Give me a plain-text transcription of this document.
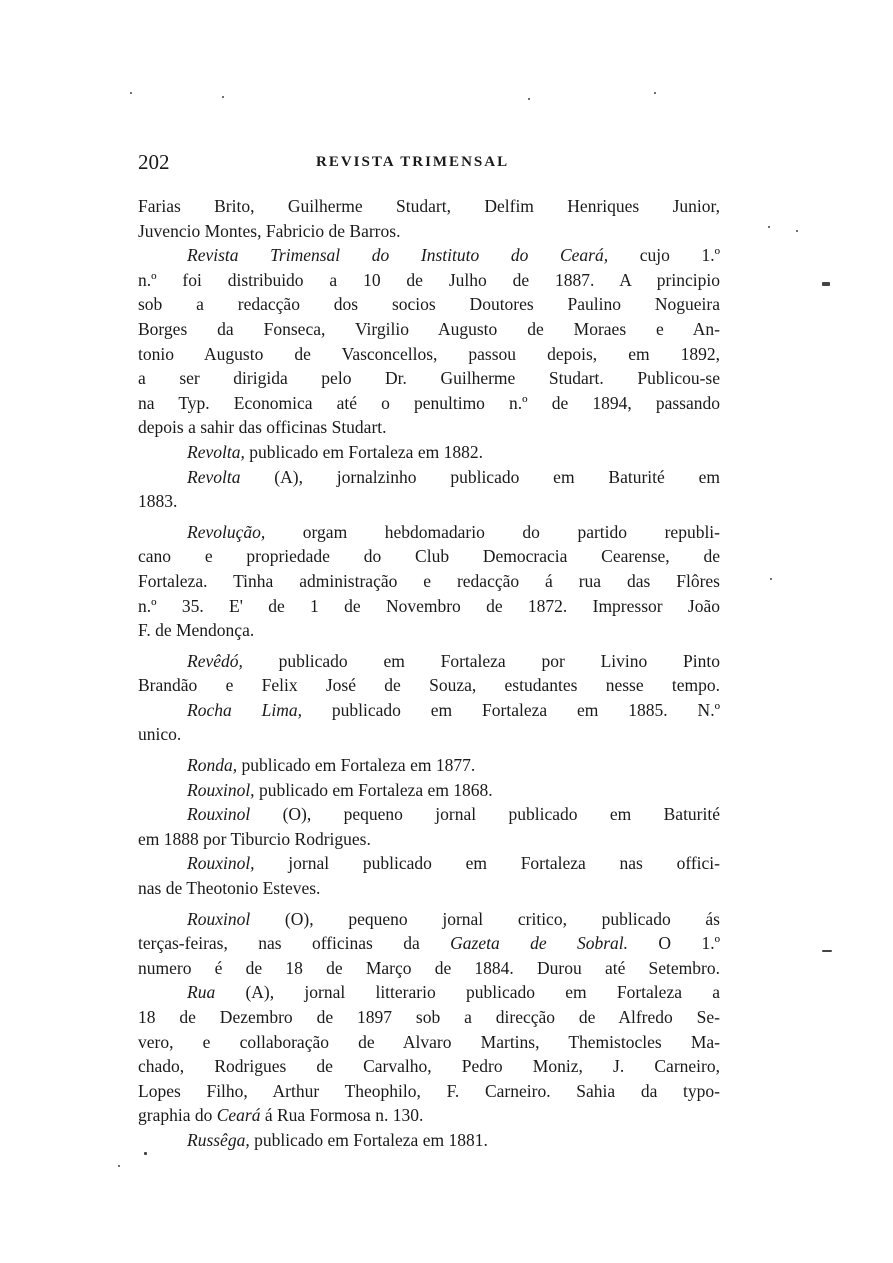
202	REVISTA TRIMENSAL
Farias Brito, Guilherme Studart, Delfim Henriques Junior,
Juvencio Montes, Fabricio de Barros.
Revista Trimensal do Instituto do Ceará, cujo 1.º
n.º foi distribuido a 10 de Julho de 1887. A principio
sob a redacção dos socios Doutores Paulino Nogueira
Borges da Fonseca, Virgilio Augusto de Moraes e An-
tonio Augusto de Vasconcellos, passou depois, em 1892,
a ser dirigida pelo Dr. Guilherme Studart. Publicou-se
na Typ. Economica até o penultimo n.º de 1894, passando
depois a sahir das officinas Studart.
Revolta, publicado em Fortaleza em 1882.
Revolta (A), jornalzinho publicado em Baturité em
1883.
Revolução, orgam hebdomadario do partido republi-
cano e propriedade do Club Democracia Cearense, de
Fortaleza. Tinha administração e redacção á rua das Flôres
n.º 35. E' de 1 de Novembro de 1872. Impressor João
F. de Mendonça.
Revêdó, publicado em Fortaleza por Livino Pinto
Brandão e Felix José de Souza, estudantes nesse tempo.
Rocha Lima, publicado em Fortaleza em 1885. N.º
unico.
Ronda, publicado em Fortaleza em 1877.
Rouxinol, publicado em Fortaleza em 1868.
Rouxinol (O), pequeno jornal publicado em Baturité
em 1888 por Tiburcio Rodrigues.
Rouxinol, jornal publicado em Fortaleza nas offici-
nas de Theotonio Esteves.
Rouxinol (O), pequeno jornal critico, publicado ás
terças-feiras, nas officinas da Gazeta de Sobral. O 1.º
numero é de 18 de Março de 1884. Durou até Setembro.
Rua (A), jornal litterario publicado em Fortaleza a
18 de Dezembro de 1897 sob a direcção de Alfredo Se-
vero, e collaboração de Alvaro Martins, Themistocles Ma-
chado, Rodrigues de Carvalho, Pedro Moniz, J. Carneiro,
Lopes Filho, Arthur Theophilo, F. Carneiro. Sahia da typo-
graphia do Ceará á Rua Formosa n. 130.
Russêga, publicado em Fortaleza em 1881.
